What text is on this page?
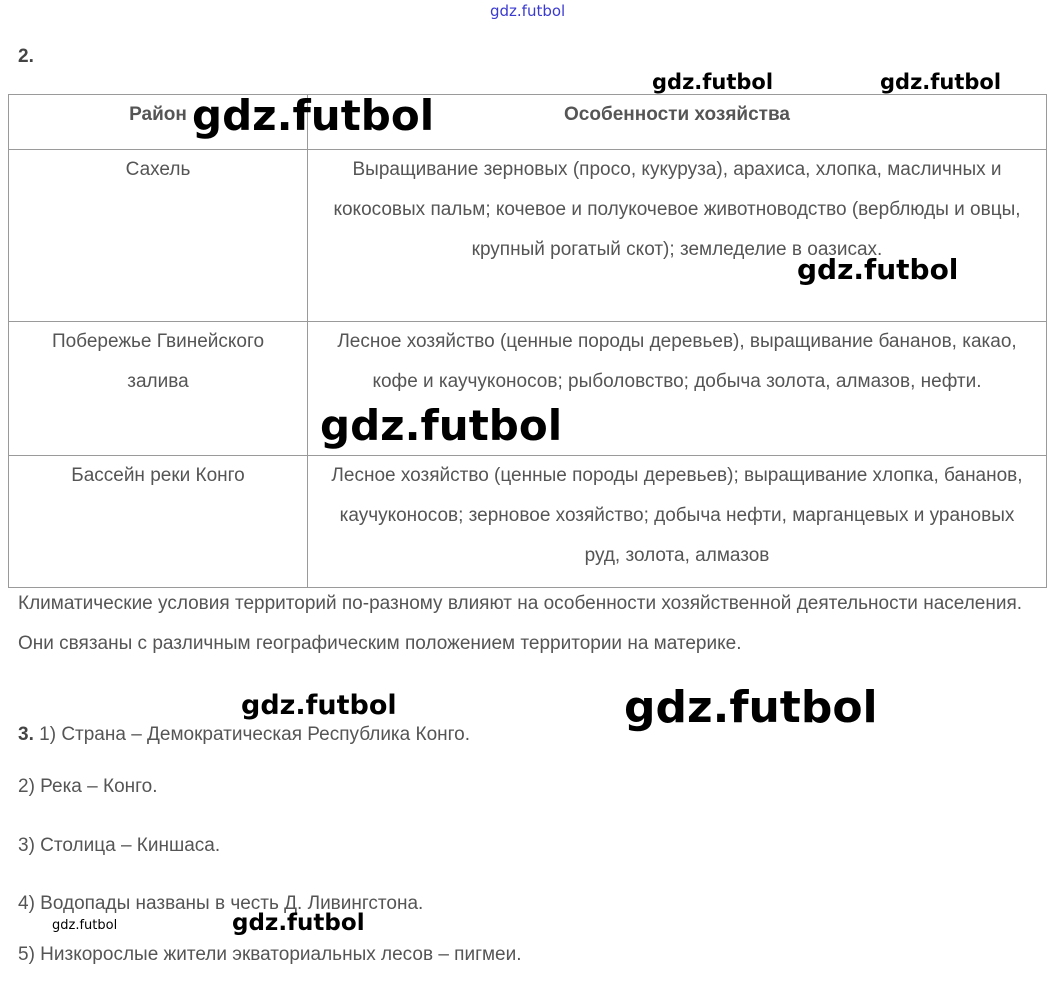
2.
Район	Особенности хозяйства
Сахель	Выращивание зерновых (просо, кукуруза), арахиса, хлопка, масличных и кокосовых пальм; кочевое и полукочевое животноводство (верблюды и овцы, крупный рогатый скот); земледелие в оазисах.
Побережье Гвинейского залива	Лесное хозяйство (ценные породы деревьев), выращивание бананов, какао, кофе и каучуконосов; рыболовство; добыча золота, алмазов, нефти.
Бассейн реки Конго	Лесное хозяйство (ценные породы деревьев); выращивание хлопка, бананов, каучуконосов; зерновое хозяйство; добыча нефти, марганцевых и урановых руд, золота, алмазов
Климатические условия территорий по-разному влияют на особенности хозяйственной деятельности населения. Они связаны с различным географическим положением территории на материке.
3. 1) Страна – Демократическая Республика Конго.
2) Река – Конго.
3) Столица – Киншаса.
4) Водопады названы в честь Д. Ливингстона.
5) Низкорослые жители экваториальных лесов – пигмеи.
gdz.futbol
gdz.futbol	gdz.futbol
gdz.futbol
gdz.futbol
gdz.futbol
gdz.futbol	gdz.futbol
gdz.futbol	gdz.futbol
